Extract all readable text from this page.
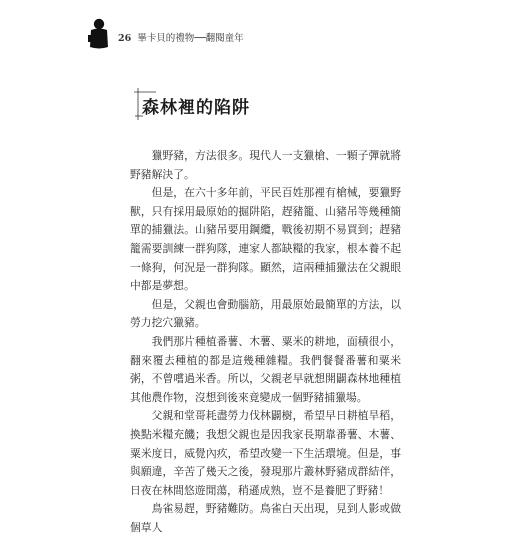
26 畢卡貝的禮物──翻閱童年
森林裡的陷阱

獵野豬，方法很多。現代人一支獵槍、一顆子彈就將野豬解決了。

但是，在六十多年前，平民百姓那裡有槍械，要獵野獸，只有採用最原始的掘阱陷，趕豬籠、山豬吊等幾種簡單的捕獵法。山豬吊要用鋼纜，戰後初期不易買到；趕豬籠需要訓練一群狗隊，連家人都缺糧的我家，根本養不起一條狗，何況是一群狗隊。顯然，這兩種捕獵法在父親眼中都是夢想。

但是，父親也會動腦筋，用最原始最簡單的方法，以勞力挖穴獵豬。

我們那片種植番薯、木薯、粟米的耕地，面積很小，翻來覆去種植的都是這幾種雜糧。我們餐餐番薯和粟米粥，不曾嚐過米香。所以，父親老早就想開闢森林地種植其他農作物，沒想到後來竟變成一個野豬捕獵場。

父親和堂哥耗盡勞力伐林闢樹，希望早日耕植旱稻，換點米糧充饑；我想父親也是因我家長期靠番薯、木薯、粟米度日，威覺內疚，希望改變一下生活環境。但是，事與願違，辛苦了幾天之後，發現那片叢林野豬成群結伴，日夜在林間悠遊閒蕩，稍遜成熟，豈不是養肥了野豬！

鳥雀易趕，野豬難防。鳥雀白天出現，見到人影或做個草人
